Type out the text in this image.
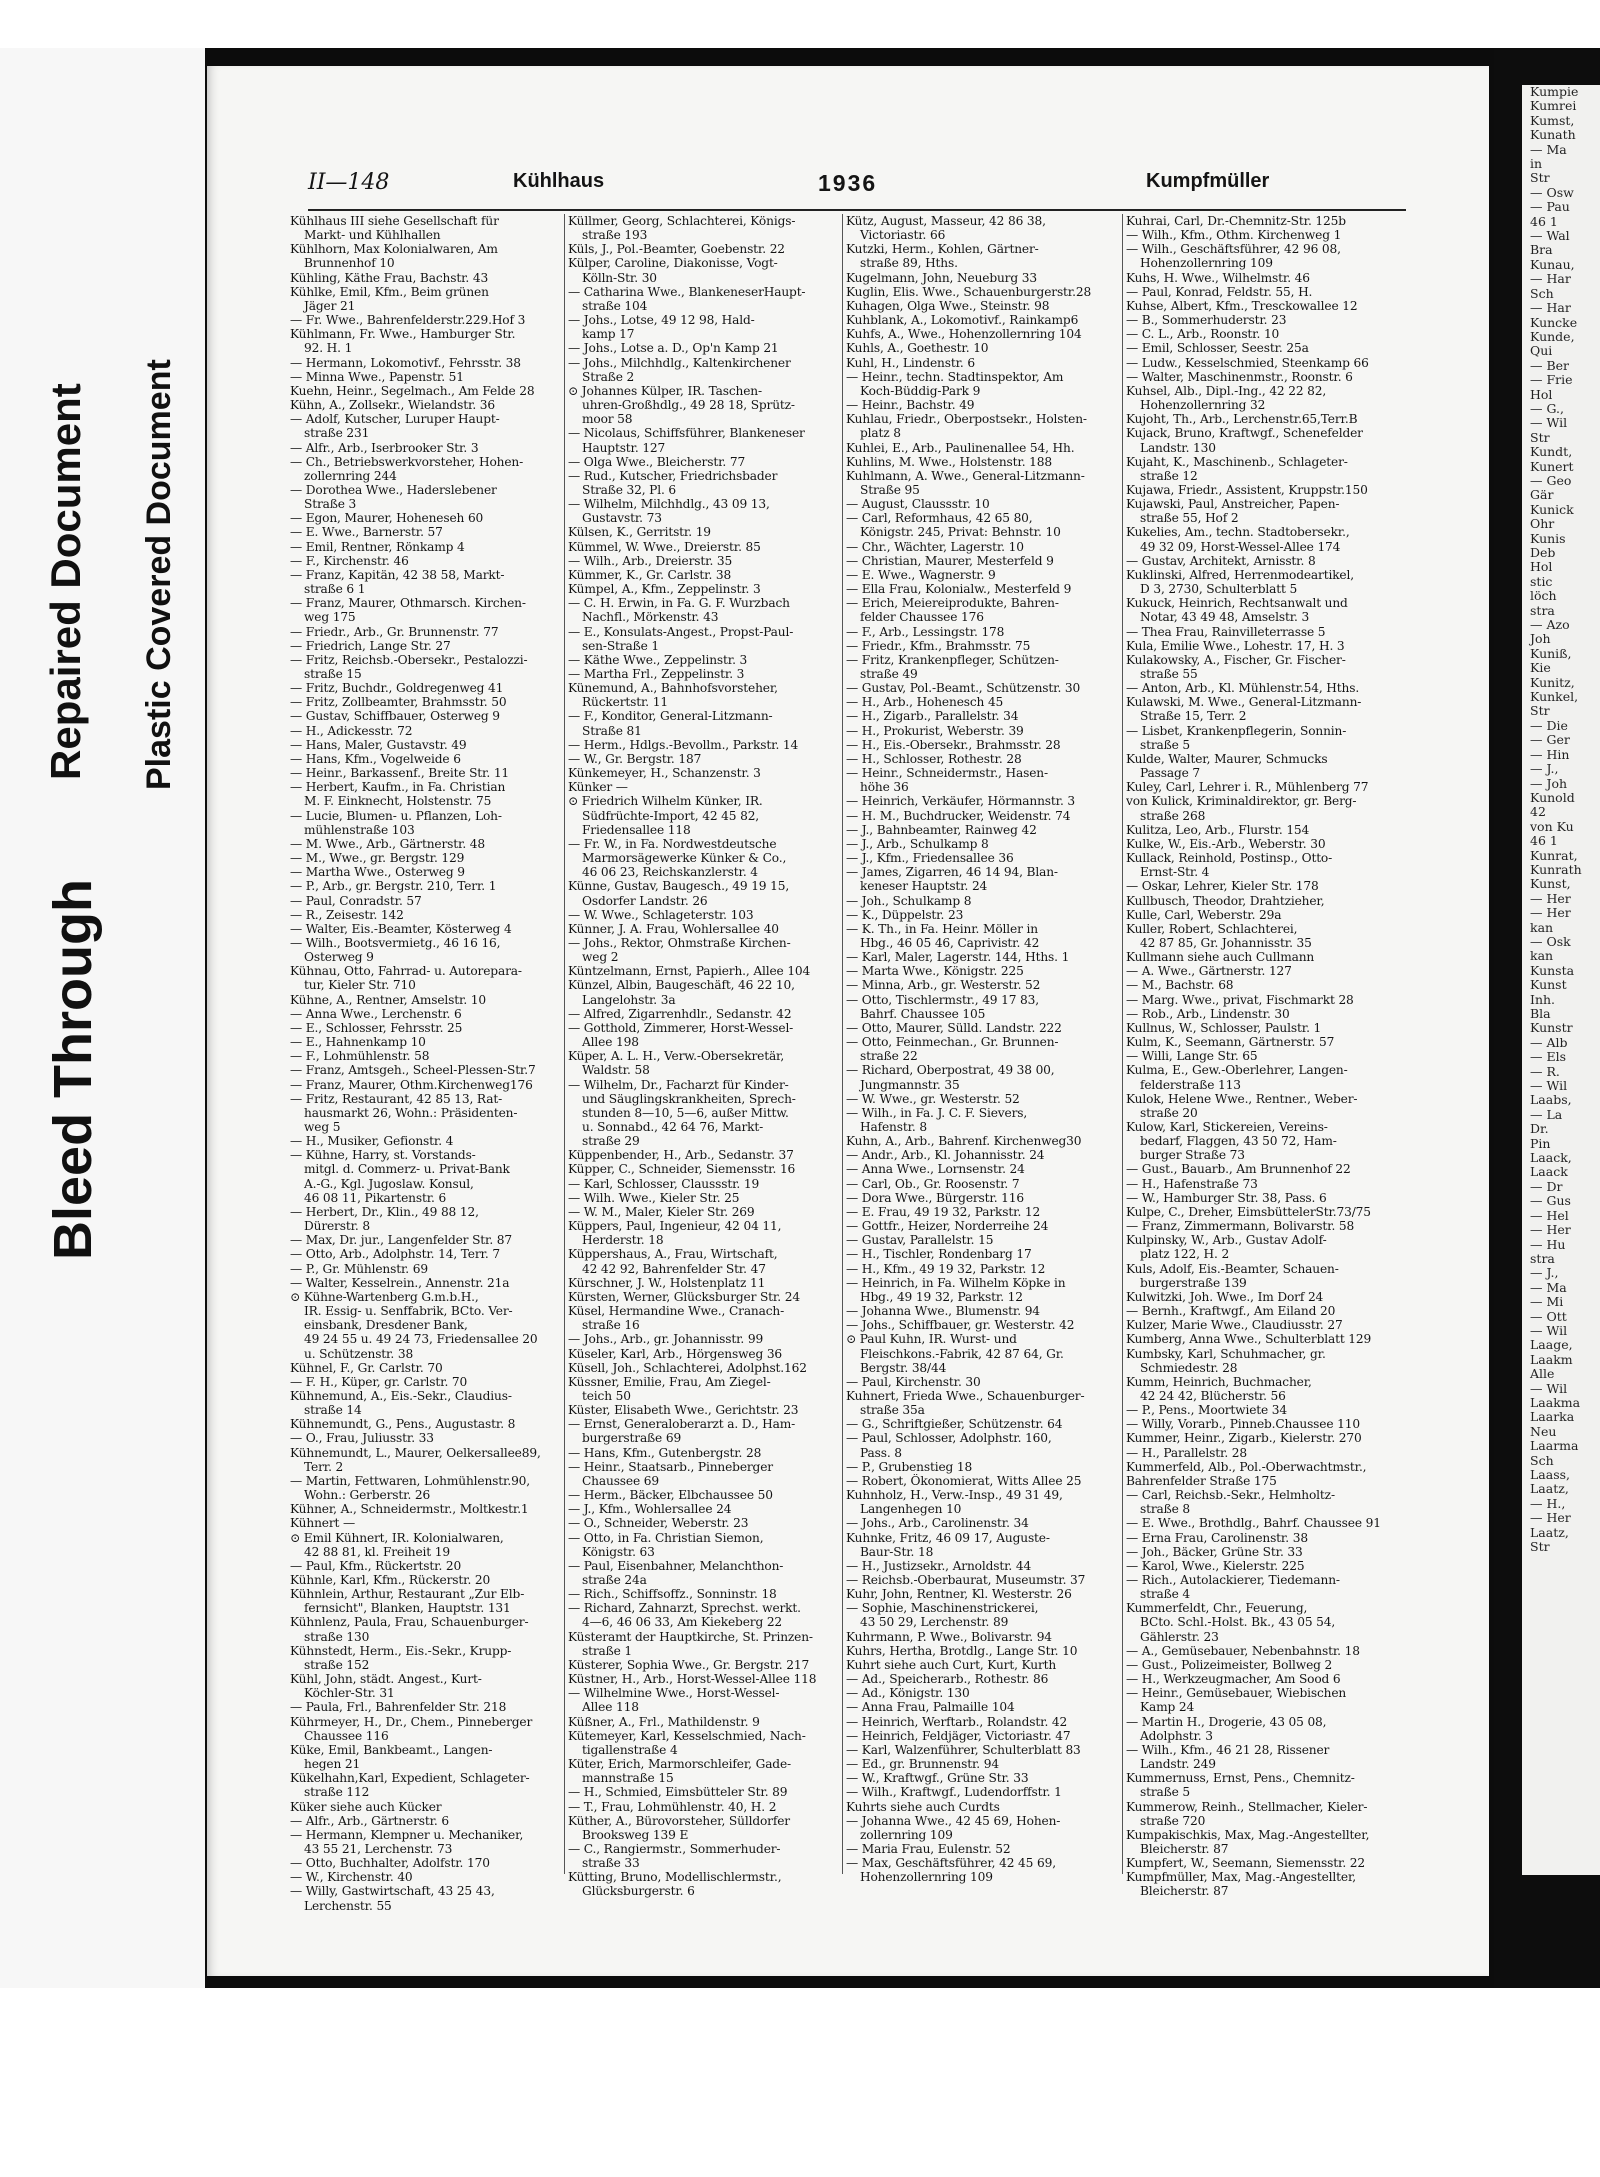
Bleed Through
Repaired Document Plastic Covered Document
II—148	Kühlhaus	1936	Kumpfmüller
Kühlhaus III siehe Gesellschaft für
Markt- und Kühlhallen
Kühlhorn, Max Kolonialwaren, Am
Brunnenhof 10
Kühling, Käthe Frau, Bachstr. 43
Kühlke, Emil, Kfm., Beim grünen
Jäger 21
— Fr. Wwe., Bahrenfelderstr.229.Hof 3
Kühlmann, Fr. Wwe., Hamburger Str.
92. H. 1
— Hermann, Lokomotivf., Fehrsstr. 38
— Minna Wwe., Papenstr. 51
Kuehn, Heinr., Segelmach., Am Felde 28
Kühn, A., Zollsekr., Wielandstr. 36
— Adolf, Kutscher, Luruper Haupt-
straße 231
— Alfr., Arb., Iserbrooker Str. 3
— Ch., Betriebswerkvorsteher, Hohen-
zollernring 244
— Dorothea Wwe., Haderslebener
Straße 3
— Egon, Maurer, Hoheneseh 60
— E. Wwe., Barnerstr. 57
— Emil, Rentner, Rönkamp 4
— F., Kirchenstr. 46
— Franz, Kapitän, 42 38 58, Markt-
straße 6 1
— Franz, Maurer, Othmarsch. Kirchen-
weg 175
— Friedr., Arb., Gr. Brunnenstr. 77
— Friedrich, Lange Str. 27
— Fritz, Reichsb.-Obersekr., Pestalozzi-
straße 15
— Fritz, Buchdr., Goldregenweg 41
— Fritz, Zollbeamter, Brahmsstr. 50
— Gustav, Schiffbauer, Osterweg 9
— H., Adickesstr. 72
— Hans, Maler, Gustavstr. 49
— Hans, Kfm., Vogelweide 6
— Heinr., Barkassenf., Breite Str. 11
— Herbert, Kaufm., in Fa. Christian
M. F. Einknecht, Holstenstr. 75
— Lucie, Blumen- u. Pflanzen, Loh-
mühlenstraße 103
— M. Wwe., Arb., Gärtnerstr. 48
— M., Wwe., gr. Bergstr. 129
— Martha Wwe., Osterweg 9
— P., Arb., gr. Bergstr. 210, Terr. 1
— Paul, Conradstr. 57
— R., Zeisestr. 142
— Walter, Eis.-Beamter, Kösterweg 4
— Wilh., Bootsvermietg., 46 16 16,
Osterweg 9
Kühnau, Otto, Fahrrad- u. Autorepara-
tur, Kieler Str. 710
Kühne, A., Rentner, Amselstr. 10
— Anna Wwe., Lerchenstr. 6
— E., Schlosser, Fehrsstr. 25
— E., Hahnenkamp 10
— F., Lohmühlenstr. 58
— Franz, Amtsgeh., Scheel-Plessen-Str.7
— Franz, Maurer, Othm.Kirchenweg176
— Fritz, Restaurant, 42 85 13, Rat-
hausmarkt 26, Wohn.: Präsidenten-
weg 5
— H., Musiker, Gefionstr. 4
— Kühne, Harry, st. Vorstands-
mitgl. d. Commerz- u. Privat-Bank
A.-G., Kgl. Jugoslaw. Konsul,
46 08 11, Pikartenstr. 6
— Herbert, Dr., Klin., 49 88 12,
Dürerstr. 8
— Max, Dr. jur., Langenfelder Str. 87
— Otto, Arb., Adolphstr. 14, Terr. 7
— P., Gr. Mühlenstr. 69
— Walter, Kesselrein., Annenstr. 21a
⊙ Kühne-Wartenberg G.m.b.H.,
IR. Essig- u. Senffabrik, BCto. Ver-
einsbank, Dresdener Bank,
49 24 55 u. 49 24 73, Friedensallee 20
u. Schützenstr. 38
Kühnel, F., Gr. Carlstr. 70
— F. H., Küper, gr. Carlstr. 70
Kühnemund, A., Eis.-Sekr., Claudius-
straße 14
Kühnemundt, G., Pens., Augustastr. 8
— O., Frau, Juliusstr. 33
Kühnemundt, L., Maurer, Oelkersallee89,
Terr. 2
— Martin, Fettwaren, Lohmühlenstr.90,
Wohn.: Gerberstr. 26
Kühner, A., Schneidermstr., Moltkestr.1
Kühnert —
⊙ Emil Kühnert, IR. Kolonialwaren,
42 88 81, kl. Freiheit 19
— Paul, Kfm., Rückertstr. 20
Kühnle, Karl, Kfm., Rückerstr. 20
Kühnlein, Arthur, Restaurant „Zur Elb-
fernsicht", Blanken, Hauptstr. 131
Kühnlenz, Paula, Frau, Schauenburger-
straße 130
Kühnstedt, Herm., Eis.-Sekr., Krupp-
straße 152
Kühl, John, städt. Angest., Kurt-
Köchler-Str. 31
— Paula, Frl., Bahrenfelder Str. 218
Kührmeyer, H., Dr., Chem., Pinneberger
Chaussee 116
Küke, Emil, Bankbeamt., Langen-
hegen 21
Kükelhahn,Karl, Expedient, Schlageter-
straße 112
Küker siehe auch Kücker
— Alfr., Arb., Gärtnerstr. 6
— Hermann, Klempner u. Mechaniker,
43 55 21, Lerchenstr. 73
— Otto, Buchhalter, Adolfstr. 170
— W., Kirchenstr. 40
— Willy, Gastwirtschaft, 43 25 43,
Lerchenstr. 55
Küllmer, Georg, Schlachterei, Königs-
straße 193
Küls, J., Pol.-Beamter, Goebenstr. 22
Külper, Caroline, Diakonisse, Vogt-
Kölln-Str. 30
— Catharina Wwe., BlankeneserHaupt-
straße 104
— Johs., Lotse, 49 12 98, Hald-
kamp 17
— Johs., Lotse a. D., Op'n Kamp 21
— Johs., Milchhdlg., Kaltenkirchener
Straße 2
⊙ Johannes Külper, IR. Taschen-
uhren-Großhdlg., 49 28 18, Sprütz-
moor 58
— Nicolaus, Schiffsführer, Blankeneser
Hauptstr. 127
— Olga Wwe., Bleicherstr. 77
— Rud., Kutscher, Friedrichsbader
Straße 32, Pl. 6
— Wilhelm, Milchhdlg., 43 09 13,
Gustavstr. 73
Külsen, K., Gerritstr. 19
Kümmel, W. Wwe., Dreierstr. 85
— Wilh., Arb., Dreierstr. 35
Kümmer, K., Gr. Carlstr. 38
Kümpel, A., Kfm., Zeppelinstr. 3
— C. H. Erwin, in Fa. G. F. Wurzbach
Nachfl., Mörkenstr. 43
— E., Konsulats-Angest., Propst-Paul-
sen-Straße 1
— Käthe Wwe., Zeppelinstr. 3
— Martha Frl., Zeppelinstr. 3
Künemund, A., Bahnhofsvorsteher,
Rückertstr. 11
— F., Konditor, General-Litzmann-
Straße 81
— Herm., Hdlgs.-Bevollm., Parkstr. 14
— W., Gr. Bergstr. 187
Künkemeyer, H., Schanzenstr. 3
Künker —
⊙ Friedrich Wilhelm Künker, IR.
Südfrüchte-Import, 42 45 82,
Friedensallee 118
— Fr. W., in Fa. Nordwestdeutsche
Marmorsägewerke Künker & Co.,
46 06 23, Reichskanzlerstr. 4
Künne, Gustav, Baugesch., 49 19 15,
Osdorfer Landstr. 26
— W. Wwe., Schlageterstr. 103
Künner, J. A. Frau, Wohlersallee 40
— Johs., Rektor, Ohmstraße Kirchen-
weg 2
Küntzelmann, Ernst, Papierh., Allee 104
Künzel, Albin, Baugeschäft, 46 22 10,
Langelohstr. 3a
— Alfred, Zigarrenhdlr., Sedanstr. 42
— Gotthold, Zimmerer, Horst-Wessel-
Allee 198
Küper, A. L. H., Verw.-Obersekretär,
Waldstr. 58
— Wilhelm, Dr., Facharzt für Kinder-
und Säuglingskrankheiten, Sprech-
stunden 8—10, 5—6, außer Mittw.
u. Sonnabd., 42 64 76, Markt-
straße 29
Küppenbender, H., Arb., Sedanstr. 37
Küpper, C., Schneider, Siemensstr. 16
— Karl, Schlosser, Claussstr. 19
— Wilh. Wwe., Kieler Str. 25
— W. M., Maler, Kieler Str. 269
Küppers, Paul, Ingenieur, 42 04 11,
Herderstr. 18
Küppershaus, A., Frau, Wirtschaft,
42 42 92, Bahrenfelder Str. 47
Kürschner, J. W., Holstenplatz 11
Kürsten, Werner, Glücksburger Str. 24
Küsel, Hermandine Wwe., Cranach-
straße 16
— Johs., Arb., gr. Johannisstr. 99
Küseler, Karl, Arb., Hörgensweg 36
Küsell, Joh., Schlachterei, Adolphst.162
Küssner, Emilie, Frau, Am Ziegel-
teich 50
Küster, Elisabeth Wwe., Gerichtstr. 23
— Ernst, Generaloberarzt a. D., Ham-
burgerstraße 69
— Hans, Kfm., Gutenbergstr. 28
— Heinr., Staatsarb., Pinneberger
Chaussee 69
— Herm., Bäcker, Elbchaussee 50
— J., Kfm., Wohlersallee 24
— O., Schneider, Weberstr. 23
— Otto, in Fa. Christian Siemon,
Königstr. 63
— Paul, Eisenbahner, Melanchthon-
straße 24a
— Rich., Schiffsoffz., Sonninstr. 18
— Richard, Zahnarzt, Sprechst. werkt.
4—6, 46 06 33, Am Kiekeberg 22
Küsteramt der Hauptkirche, St. Prinzen-
straße 1
Küsterer, Sophia Wwe., Gr. Bergstr. 217
Küstner, H., Arb., Horst-Wessel-Allee 118
— Wilhelmine Wwe., Horst-Wessel-
Allee 118
Küßner, A., Frl., Mathildenstr. 9
Kütemeyer, Karl, Kesselschmied, Nach-
tigallenstraße 4
Küter, Erich, Marmorschleifer, Gade-
mannstraße 15
— H., Schmied, Eimsbütteler Str. 89
— T., Frau, Lohmühlenstr. 40, H. 2
Küther, A., Bürovorsteher, Sülldorfer
Brooksweg 139 E
— C., Rangiermstr., Sommerhuder-
straße 33
Kütting, Bruno, Modellischlermstr.,
Glücksburgerstr. 6
Kütz, August, Masseur, 42 86 38,
Victoriastr. 66
Kutzki, Herm., Kohlen, Gärtner-
straße 89, Hths.
Kugelmann, John, Neueburg 33
Kuglin, Elis. Wwe., Schauenburgerstr.28
Kuhagen, Olga Wwe., Steinstr. 98
Kuhblank, A., Lokomotivf., Rainkamp6
Kuhfs, A., Wwe., Hohenzollernring 104
Kuhls, A., Goethestr. 10
Kuhl, H., Lindenstr. 6
— Heinr., techn. Stadtinspektor, Am
Koch-Büddig-Park 9
— Heinr., Bachstr. 49
Kuhlau, Friedr., Oberpostsekr., Holsten-
platz 8
Kuhlei, E., Arb., Paulinenallee 54, Hh.
Kuhlins, M. Wwe., Holstenstr. 188
Kuhlmann, A. Wwe., General-Litzmann-
Straße 95
— August, Claussstr. 10
— Carl, Reformhaus, 42 65 80,
Königstr. 245, Privat: Behnstr. 10
— Chr., Wächter, Lagerstr. 10
— Christian, Maurer, Mesterfeld 9
— E. Wwe., Wagnerstr. 9
— Ella Frau, Kolonialw., Mesterfeld 9
— Erich, Meiereiprodukte, Bahren-
felder Chaussee 176
— F., Arb., Lessingstr. 178
— Friedr., Kfm., Brahmsstr. 75
— Fritz, Krankenpfleger, Schützen-
straße 49
— Gustav, Pol.-Beamt., Schützenstr. 30
— H., Arb., Hohenesch 45
— H., Zigarb., Parallelstr. 34
— H., Prokurist, Weberstr. 39
— H., Eis.-Obersekr., Brahmsstr. 28
— H., Schlosser, Rothestr. 28
— Heinr., Schneidermstr., Hasen-
höhe 36
— Heinrich, Verkäufer, Hörmannstr. 3
— H. M., Buchdrucker, Weidenstr. 74
— J., Bahnbeamter, Rainweg 42
— J., Arb., Schulkamp 8
— J., Kfm., Friedensallee 36
— James, Zigarren, 46 14 94, Blan-
keneser Hauptstr. 24
— Joh., Schulkamp 8
— K., Düppelstr. 23
— K. Th., in Fa. Heinr. Möller in
Hbg., 46 05 46, Caprivistr. 42
— Karl, Maler, Lagerstr. 144, Hths. 1
— Marta Wwe., Königstr. 225
— Minna, Arb., gr. Westerstr. 52
— Otto, Tischlermstr., 49 17 83,
Bahrf. Chaussee 105
— Otto, Maurer, Sülld. Landstr. 222
— Otto, Feinmechan., Gr. Brunnen-
straße 22
— Richard, Oberpostrat, 49 38 00,
Jungmannstr. 35
— W. Wwe., gr. Westerstr. 52
— Wilh., in Fa. J. C. F. Sievers,
Hafenstr. 8
Kuhn, A., Arb., Bahrenf. Kirchenweg30
— Andr., Arb., Kl. Johannisstr. 24
— Anna Wwe., Lornsenstr. 24
— Carl, Ob., Gr. Roosenstr. 7
— Dora Wwe., Bürgerstr. 116
— E. Frau, 49 19 32, Parkstr. 12
— Gottfr., Heizer, Norderreihe 24
— Gustav, Parallelstr. 15
— H., Tischler, Rondenbarg 17
— H., Kfm., 49 19 32, Parkstr. 12
— Heinrich, in Fa. Wilhelm Köpke in
Hbg., 49 19 32, Parkstr. 12
— Johanna Wwe., Blumenstr. 94
— Johs., Schiffbauer, gr. Westerstr. 42
⊙ Paul Kuhn, IR. Wurst- und
Fleischkons.-Fabrik, 42 87 64, Gr.
Bergstr. 38/44
— Paul, Kirchenstr. 30
Kuhnert, Frieda Wwe., Schauenburger-
straße 35a
— G., Schriftgießer, Schützenstr. 64
— Paul, Schlosser, Adolphstr. 160,
Pass. 8
— P., Grubenstieg 18
— Robert, Ökonomierat, Witts Allee 25
Kuhnholz, H., Verw.-Insp., 49 31 49,
Langenhegen 10
— Johs., Arb., Carolinenstr. 34
Kuhnke, Fritz, 46 09 17, Auguste-
Baur-Str. 18
— H., Justizsekr., Arnoldstr. 44
— Reichsb.-Oberbaurat, Museumstr. 37
Kuhr, John, Rentner, Kl. Westerstr. 26
— Sophie, Maschinenstrickerei,
43 50 29, Lerchenstr. 89
Kuhrmann, P. Wwe., Bolivarstr. 94
Kuhrs, Hertha, Brotdlg., Lange Str. 10
Kuhrt siehe auch Curt, Kurt, Kurth
— Ad., Speicherarb., Rothestr. 86
— Ad., Königstr. 130
— Anna Frau, Palmaille 104
— Heinrich, Werftarb., Rolandstr. 42
— Heinrich, Feldjäger, Victoriastr. 47
— Karl, Walzenführer, Schulterblatt 83
— Ed., gr. Brunnenstr. 94
— W., Kraftwgf., Grüne Str. 33
— Wilh., Kraftwgf., Ludendorffstr. 1
Kuhrts siehe auch Curdts
— Johanna Wwe., 42 45 69, Hohen-
zollernring 109
— Maria Frau, Eulenstr. 52
— Max, Geschäftsführer, 42 45 69,
Hohenzollernring 109
Kuhrai, Carl, Dr.-Chemnitz-Str. 125b
— Wilh., Kfm., Othm. Kirchenweg 1
— Wilh., Geschäftsführer, 42 96 08,
Hohenzollernring 109
Kuhs, H. Wwe., Wilhelmstr. 46
— Paul, Konrad, Feldstr. 55, H.
Kuhse, Albert, Kfm., Tresckowallee 12
— B., Sommerhuderstr. 23
— C. L., Arb., Roonstr. 10
— Emil, Schlosser, Seestr. 25a
— Ludw., Kesselschmied, Steenkamp 66
— Walter, Maschinenmstr., Roonstr. 6
Kuhsel, Alb., Dipl.-Ing., 42 22 82,
Hohenzollernring 32
Kujoht, Th., Arb., Lerchenstr.65,Terr.B
Kujack, Bruno, Kraftwgf., Schenefelder
Landstr. 130
Kujaht, K., Maschinenb., Schlageter-
straße 12
Kujawa, Friedr., Assistent, Kruppstr.150
Kujawski, Paul, Anstreicher, Papen-
straße 55, Hof 2
Kukelies, Am., techn. Stadtobersekr.,
49 32 09, Horst-Wessel-Allee 174
— Gustav, Architekt, Arnisstr. 8
Kuklinski, Alfred, Herrenmodeartikel,
D 3, 2730, Schulterblatt 5
Kukuck, Heinrich, Rechtsanwalt und
Notar, 43 49 48, Amselstr. 3
— Thea Frau, Rainvilleterrasse 5
Kula, Emilie Wwe., Lohestr. 17, H. 3
Kulakowsky, A., Fischer, Gr. Fischer-
straße 55
— Anton, Arb., Kl. Mühlenstr.54, Hths.
Kulawski, M. Wwe., General-Litzmann-
Straße 15, Terr. 2
— Lisbet, Krankenpflegerin, Sonnin-
straße 5
Kulde, Walter, Maurer, Schmucks
Passage 7
Kuley, Carl, Lehrer i. R., Mühlenberg 77
von Kulick, Kriminaldirektor, gr. Berg-
straße 268
Kulitza, Leo, Arb., Flurstr. 154
Kulke, W., Eis.-Arb., Weberstr. 30
Kullack, Reinhold, Postinsp., Otto-
Ernst-Str. 4
— Oskar, Lehrer, Kieler Str. 178
Kullbusch, Theodor, Drahtzieher,
Kulle, Carl, Weberstr. 29a
Kuller, Robert, Schlachterei,
42 87 85, Gr. Johannisstr. 35
Kullmann siehe auch Cullmann
— A. Wwe., Gärtnerstr. 127
— M., Bachstr. 68
— Marg. Wwe., privat, Fischmarkt 28
— Rob., Arb., Lindenstr. 30
Kullnus, W., Schlosser, Paulstr. 1
Kulm, K., Seemann, Gärtnerstr. 57
— Willi, Lange Str. 65
Kulma, E., Gew.-Oberlehrer, Langen-
felderstraße 113
Kulok, Helene Wwe., Rentner., Weber-
straße 20
Kulow, Karl, Stickereien, Vereins-
bedarf, Flaggen, 43 50 72, Ham-
burger Straße 73
— Gust., Bauarb., Am Brunnenhof 22
— H., Hafenstraße 73
— W., Hamburger Str. 38, Pass. 6
Kulpe, C., Dreher, EimsbüttelerStr.73/75
— Franz, Zimmermann, Bolivarstr. 58
Kulpinsky, W., Arb., Gustav Adolf-
platz 122, H. 2
Kuls, Adolf, Eis.-Beamter, Schauen-
burgerstraße 139
Kulwitzki, Joh. Wwe., Im Dorf 24
— Bernh., Kraftwgf., Am Eiland 20
Kulzer, Marie Wwe., Claudiusstr. 27
Kumberg, Anna Wwe., Schulterblatt 129
Kumbsky, Karl, Schuhmacher, gr.
Schmiedestr. 28
Kumm, Heinrich, Buchmacher,
42 24 42, Blücherstr. 56
— P., Pens., Moortwiete 34
— Willy, Vorarb., Pinneb.Chaussee 110
Kummer, Heinr., Zigarb., Kielerstr. 270
— H., Parallelstr. 28
Kummerfeld, Alb., Pol.-Oberwachtmstr.,
Bahrenfelder Straße 175
— Carl, Reichsb.-Sekr., Helmholtz-
straße 8
— E. Wwe., Brothdlg., Bahrf. Chaussee 91
— Erna Frau, Carolinenstr. 38
— Joh., Bäcker, Grüne Str. 33
— Karol, Wwe., Kielerstr. 225
— Rich., Autolackierer, Tiedemann-
straße 4
Kummerfeldt, Chr., Feuerung,
BCto. Schl.-Holst. Bk., 43 05 54,
Gählerstr. 23
— A., Gemüsebauer, Nebenbahnstr. 18
— Gust., Polizeimeister, Bollweg 2
— H., Werkzeugmacher, Am Sood 6
— Heinr., Gemüsebauer, Wiebischen
Kamp 24
— Martin H., Drogerie, 43 05 08,
Adolphstr. 3
— Wilh., Kfm., 46 21 28, Rissener
Landstr. 249
Kummernuss, Ernst, Pens., Chemnitz-
straße 5
Kummerow, Reinh., Stellmacher, Kieler-
straße 720
Kumpakischkis, Max, Mag.-Angestellter,
Bleicherstr. 87
Kumpfert, W., Seemann, Siemensstr. 22
Kumpfmüller, Max, Mag.-Angestellter,
Bleicherstr. 87
Kumpie
Kumrei
Kumst,
Kunath
— Ma
in
Str
— Osw
— Pau
46 1
— Wal
Bra
Kunau,
— Har
Sch
— Har
Kuncke
Kunde,
Qui
— Ber
— Frie
Hol
— G.,
— Wil
Str
Kundt,
Kunert
— Geo
Gär
Kunick
Ohr
Kunis
Deb
Hol
stic
löch
stra
— Azo
Joh
Kuniß,
Kie
Kunitz,
Kunkel,
Str
— Die
— Ger
— Hin
— J.,
— Joh
Kunold
42
von Ku
46 1
Kunrat,
Kunrath
Kunst,
— Her
— Her
kan
— Osk
kan
Kunsta
Kunst
Inh.
Bla
Kunstr
— Alb
— Els
— R.
— Wil
Laabs,
— La
Dr.
Pin
Laack,
Laack
— Dr
— Gus
— Hel
— Her
— Hu
stra
— J.,
— Ma
— Mi
— Ott
— Wil
Laage,
Laakm
Alle
— Wil
Laakma
Laarka
Neu
Laarma
Sch
Laass,
Laatz,
— H.,
— Her
Laatz,
Str
